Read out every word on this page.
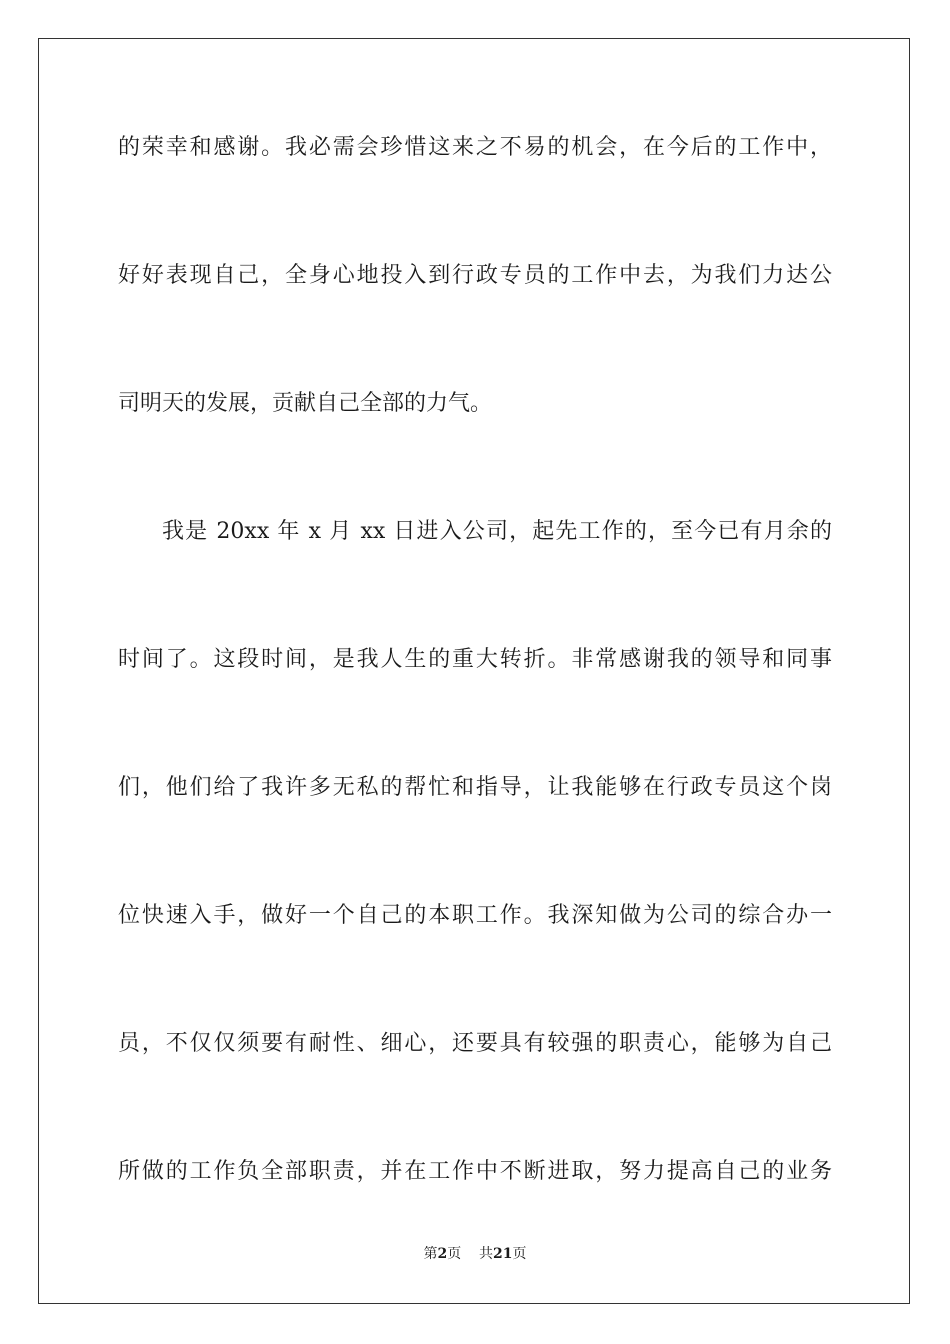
的荣幸和感谢。我必需会珍惜这来之不易的机会，在今后的工作中，
好好表现自己，全身心地投入到行政专员的工作中去，为我们力达公
司明天的发展，贡献自己全部的力气。
我是 20xx 年 x 月 xx 日进入公司，起先工作的，至今已有月余的
时间了。这段时间，是我人生的重大转折。非常感谢我的领导和同事
们，他们给了我许多无私的帮忙和指导，让我能够在行政专员这个岗
位快速入手，做好一个自己的本职工作。我深知做为公司的综合办一
员，不仅仅须要有耐性、细心，还要具有较强的职责心，能够为自己
所做的工作负全部职责，并在工作中不断进取，努力提高自己的业务
第2页 共21页
